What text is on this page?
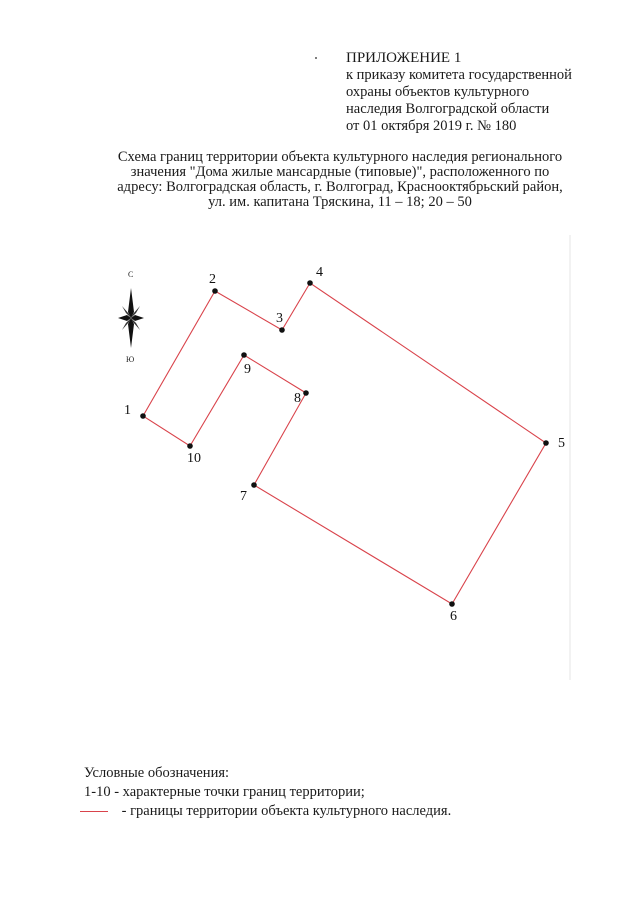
ПРИЛОЖЕНИЕ 1
к приказу комитета государственной
охраны объектов культурного
наследия Волгоградской области
от 01 октября 2019 г. № 180
Схема границ территории объекта культурного наследия регионального
значения "Дома жилые мансардные (типовые)", расположенного по
адресу: Волгоградская область, г. Волгоград, Краснооктябрьский район,
ул. им. капитана Тряскина, 11 – 18; 20 – 50
С
Ю
1
2
3
4
5
6
7
8
9
10
Условные обозначения:
1-10 - характерные точки границ территории;
- границы территории объекта культурного наследия.
